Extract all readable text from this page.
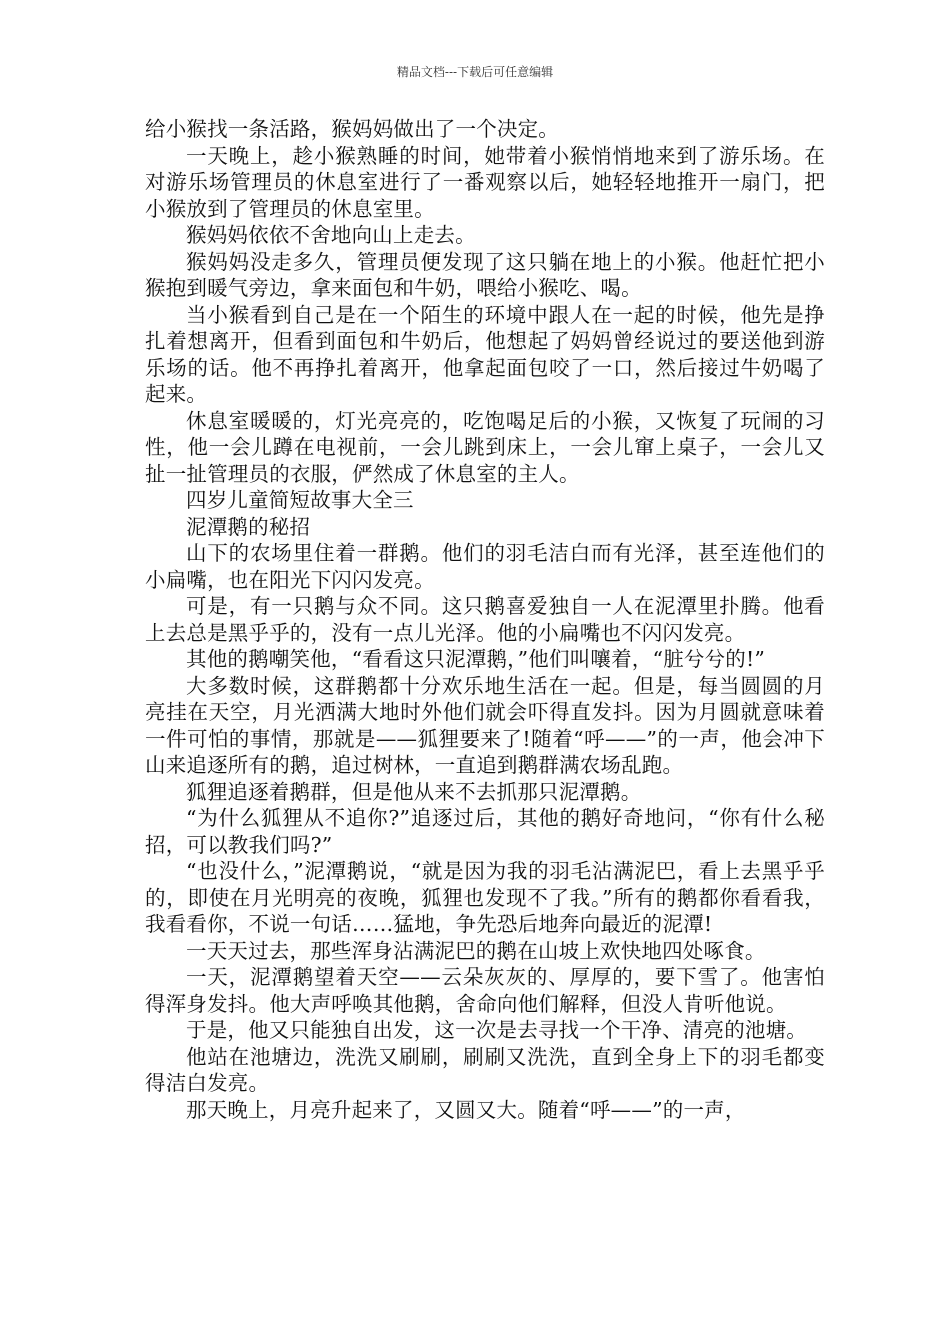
精品文档---下载后可任意编辑

给小猴找一条活路，猴妈妈做出了一个决定。

一天晚上，趁小猴熟睡的时间，她带着小猴悄悄地来到了游乐场。在对游乐场管理员的休息室进行了一番观察以后，她轻轻地推开一扇门，把小猴放到了管理员的休息室里。

猴妈妈依依不舍地向山上走去。

猴妈妈没走多久，管理员便发现了这只躺在地上的小猴。他赶忙把小猴抱到暖气旁边，拿来面包和牛奶，喂给小猴吃、喝。

当小猴看到自己是在一个陌生的环境中跟人在一起的时候，他先是挣扎着想离开，但看到面包和牛奶后，他想起了妈妈曾经说过的要送他到游乐场的话。他不再挣扎着离开，他拿起面包咬了一口，然后接过牛奶喝了起来。

休息室暖暖的，灯光亮亮的，吃饱喝足后的小猴，又恢复了玩闹的习性，他一会儿蹲在电视前，一会儿跳到床上，一会儿窜上桌子，一会儿又扯一扯管理员的衣服，俨然成了休息室的主人。

四岁儿童简短故事大全三

泥潭鹅的秘招

山下的农场里住着一群鹅。他们的羽毛洁白而有光泽，甚至连他们的小扁嘴，也在阳光下闪闪发亮。

可是，有一只鹅与众不同。这只鹅喜爱独自一人在泥潭里扑腾。他看上去总是黑乎乎的，没有一点儿光泽。他的小扁嘴也不闪闪发亮。

其他的鹅嘲笑他，“看看这只泥潭鹅，”他们叫嚷着，“脏兮兮的!”

大多数时候，这群鹅都十分欢乐地生活在一起。但是，每当圆圆的月亮挂在天空，月光洒满大地时外他们就会吓得直发抖。因为月圆就意味着一件可怕的事情，那就是——狐狸要来了!随着“呼——”的一声，他会冲下山来追逐所有的鹅，追过树林，一直追到鹅群满农场乱跑。

狐狸追逐着鹅群，但是他从来不去抓那只泥潭鹅。

“为什么狐狸从不追你?”追逐过后，其他的鹅好奇地问，“你有什么秘招，可以教我们吗?”

“也没什么，”泥潭鹅说，“就是因为我的羽毛沾满泥巴，看上去黑乎乎的，即使在月光明亮的夜晚，狐狸也发现不了我。”所有的鹅都你看看我，我看看你，不说一句话……猛地，争先恐后地奔向最近的泥潭!

一天天过去，那些浑身沾满泥巴的鹅在山坡上欢快地四处啄食。

一天，泥潭鹅望着天空——云朵灰灰的、厚厚的，要下雪了。他害怕得浑身发抖。他大声呼唤其他鹅，舍命向他们解释，但没人肯听他说。

于是，他又只能独自出发，这一次是去寻找一个干净、清亮的池塘。

他站在池塘边，洗洗又刷刷，刷刷又洗洗，直到全身上下的羽毛都变得洁白发亮。

那天晚上，月亮升起来了，又圆又大。随着“呼——”的一声，
